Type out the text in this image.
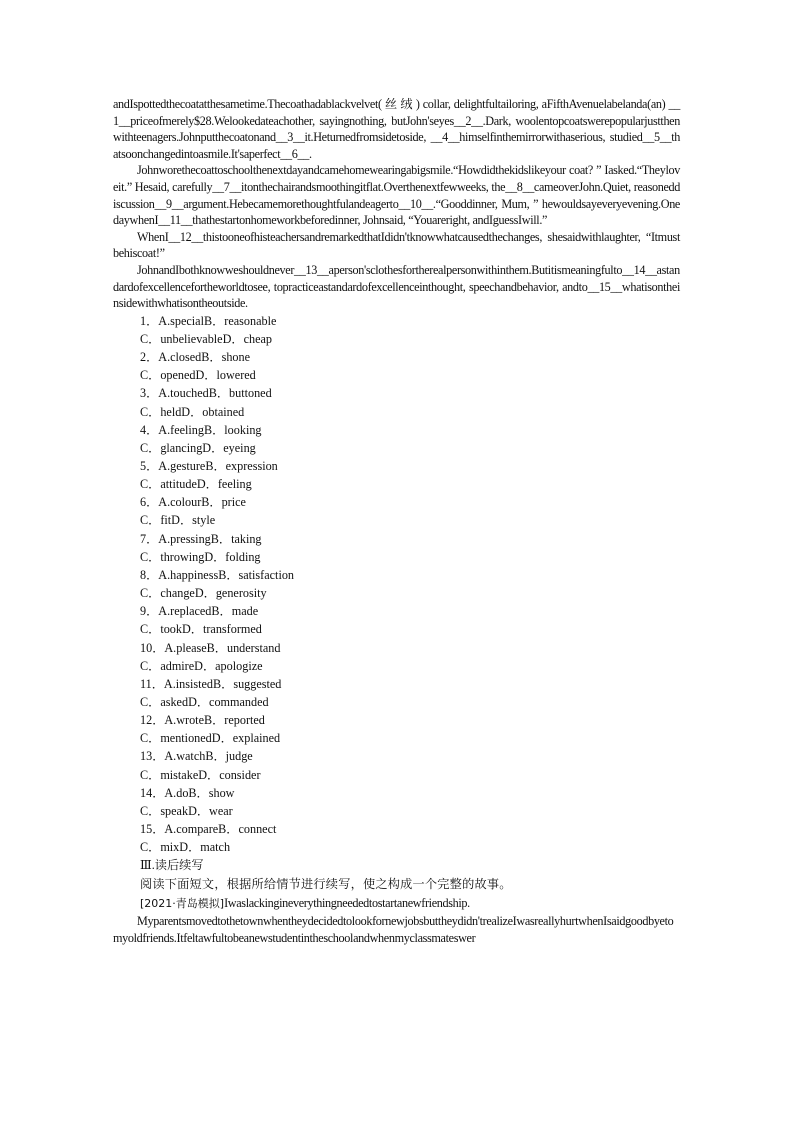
andIspottedthecoatatthesametime.Thecoathadablackvelvet( 丝 绒 ) collar, delightfultailoring, aFifthAvenuelabelanda(an) __1__priceofmerely$28.Welookedateachother, sayingnothing, butJohn'seyes__2__.Dark, woolentopcoatswerepopularjustthenwithteenagers.Johnputthecoatonand__3__it.Heturnedfromsidetoside, __4__himselfinthemirrorwithaserious, studied__5__thatsoonchangedintoasmile.It'saperfect__6__.

Johnworethecoattoschoolthenextdayandcamehomewearingabigsmile.“Howdidthekidslikeyour coat? ” Iasked.“Theyloveit.” Hesaid, carefully__7__itonthechairandsmoothingitflat.Overthenextfewweeks, the__8__cameoverJohn.Quiet, reasoneddiscussion__9__argument.Hebecamemorethoughtfulandeagerto__10__.“Gooddinner, Mum, ” hewouldsayeveryevening.OnedaywhenI__11__thathestartonhomeworkbeforedinner, Johnsaid, “Youareright, andIguessIwill.”

WhenI__12__thistooneofhisteachersandremarkedthatIdidn'tknowwhatcausedthechanges, shesaidwithlaughter, “Itmustbehiscoat!”

JohnandIbothknowweshouldnever__13__aperson'sclothesfortherealpersonwithinthem.Butitismeaningfulto__14__astandardofexcellencefortheworldtosee, topracticeastandardofexcellenceinthought, speechandbehavior, andto__15__whatisontheinsidewithwhatisontheoutside.

1．A.specialB．reasonable
C．unbelievableD．cheap
2．A.closedB．shone
C．openedD．lowered
3．A.touchedB．buttoned
C．heldD．obtained
4．A.feelingB．looking
C．glancingD．eyeing
5．A.gestureB．expression
C．attitudeD．feeling
6．A.colourB．price
C．fitD．style
7．A.pressingB．taking
C．throwingD．folding
8．A.happinessB．satisfaction
C．changeD．generosity
9．A.replacedB．made
C．tookD．transformed
10．A.pleaseB．understand
C．admireD．apologize
11．A.insistedB．suggested
C．askedD．commanded
12．A.wroteB．reported
C．mentionedD．explained
13．A.watchB．judge
C．mistakeD．consider
14．A.doB．show
C．speakD．wear
15．A.compareB．connect
C．mixD．match

Ⅲ.读后续写

阅读下面短文，根据所给情节进行续写，使之构成一个完整的故事。

[2021·青岛模拟]Iwaslackingineverythingneededtostartanewfriendship.

Myparentsmovedtothetownwhentheydecidedtolookfornewjobsbuttheydidn'trealizeIwasreallyhurtwhenIsaidgoodbyetomyoldfriends.Itfeltawfultobeanewstudentintheschoolandwhenmyclassmateswer
